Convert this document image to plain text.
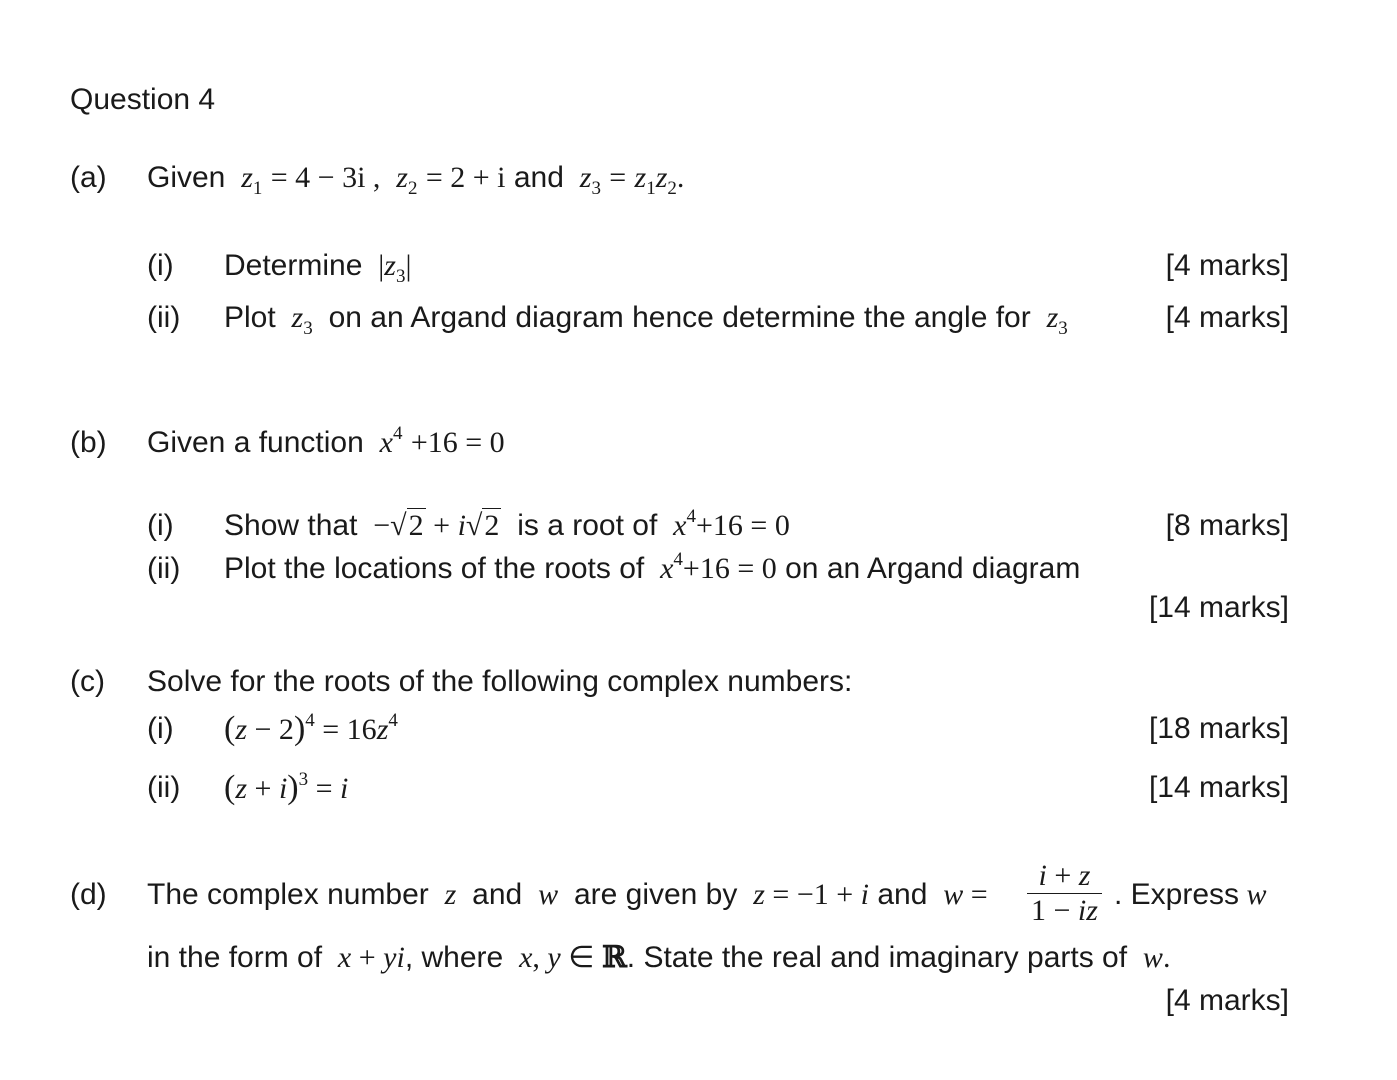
Question 4
(a) Given  $z_1 = 4 - 3i$ ,  $z_2 = 2 + i$ and  $z_3 = z_1z_2$.
(i) Determine  $|z_3|$	[4 marks]
(ii) Plot  $z_3$ on an Argand diagram hence determine the angle for  $z_3$	[4 marks]
(b) Given a function  $x^4 +16 = 0$
(i) Show that  −√2 + i√2 is a root of  $x^4+16 = 0$	[8 marks]
(ii) Plot the locations of the roots of  $x^4+16 = 0$ on an Argand diagram
[14 marks]
(c) Solve for the roots of the following complex numbers:
(i) $(z - 2)^4 = 16z^4$	[18 marks]
(ii) $(z + i)^3 = i$	[14 marks]
(d) The complex number  z  and  w  are given by  z = −1 + i and  $w = \frac{i + z}{1 - iz}$ . Express w
in the form of  x + yi, where  x, y ∈ ℝ. State the real and imaginary parts of  w.
[4 marks]
